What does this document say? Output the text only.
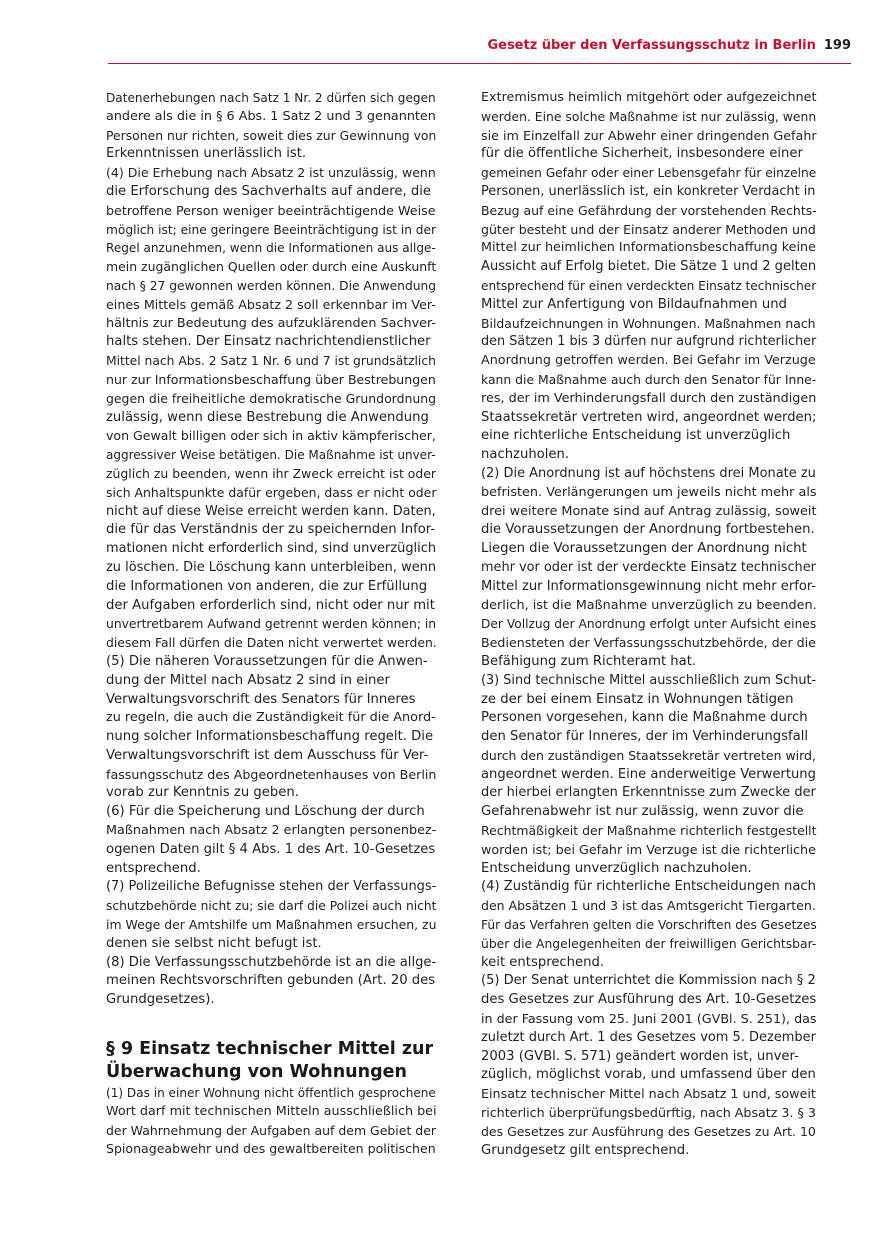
Gesetz über den Verfassungsschutz in Berlin 199
Datenerhebungen nach Satz 1 Nr. 2 dürfen sich gegen
andere als die in § 6 Abs. 1 Satz 2 und 3 genannten
Personen nur richten, soweit dies zur Gewinnung von
Erkenntnissen unerlässlich ist.
(4) Die Erhebung nach Absatz 2 ist unzulässig, wenn
die Erforschung des Sachverhalts auf andere, die
betroffene Person weniger beeinträchtigende Weise
möglich ist; eine geringere Beeinträchtigung ist in der
Regel anzunehmen, wenn die Informationen aus allge-
mein zugänglichen Quellen oder durch eine Auskunft
nach § 27 gewonnen werden können. Die Anwendung
eines Mittels gemäß Absatz 2 soll erkennbar im Ver-
hältnis zur Bedeutung des aufzuklärenden Sachver-
halts stehen. Der Einsatz nachrichtendienstlicher
Mittel nach Abs. 2 Satz 1 Nr. 6 und 7 ist grundsätzlich
nur zur Informationsbeschaffung über Bestrebungen
gegen die freiheitliche demokratische Grundordnung
zulässig, wenn diese Bestrebung die Anwendung
von Gewalt billigen oder sich in aktiv kämpferischer,
aggressiver Weise betätigen. Die Maßnahme ist unver-
züglich zu beenden, wenn ihr Zweck erreicht ist oder
sich Anhaltspunkte dafür ergeben, dass er nicht oder
nicht auf diese Weise erreicht werden kann. Daten,
die für das Verständnis der zu speichernden Infor-
mationen nicht erforderlich sind, sind unverzüglich
zu löschen. Die Löschung kann unterbleiben, wenn
die Informationen von anderen, die zur Erfüllung
der Aufgaben erforderlich sind, nicht oder nur mit
unvertretbarem Aufwand getrennt werden können; in
diesem Fall dürfen die Daten nicht verwertet werden.
(5) Die näheren Voraussetzungen für die Anwen-
dung der Mittel nach Absatz 2 sind in einer
Verwaltungsvorschrift des Senators für Inneres
zu regeln, die auch die Zuständigkeit für die Anord-
nung solcher Informationsbeschaffung regelt. Die
Verwaltungsvorschrift ist dem Ausschuss für Ver-
fassungsschutz des Abgeordnetenhauses von Berlin
vorab zur Kenntnis zu geben.
(6) Für die Speicherung und Löschung der durch
Maßnahmen nach Absatz 2 erlangten personenbez-
ogenen Daten gilt § 4 Abs. 1 des Art. 10-Gesetzes
entsprechend.
(7) Polizeiliche Befugnisse stehen der Verfassungs-
schutzbehörde nicht zu; sie darf die Polizei auch nicht
im Wege der Amtshilfe um Maßnahmen ersuchen, zu
denen sie selbst nicht befugt ist.
(8) Die Verfassungsschutzbehörde ist an die allge-
meinen Rechtsvorschriften gebunden (Art. 20 des
Grundgesetzes).
§ 9 Einsatz technischer Mittel zur
Überwachung von Wohnungen
(1) Das in einer Wohnung nicht öffentlich gesprochene
Wort darf mit technischen Mitteln ausschließlich bei
der Wahrnehmung der Aufgaben auf dem Gebiet der
Spionageabwehr und des gewaltbereiten politischen
Extremismus heimlich mitgehört oder aufgezeichnet
werden. Eine solche Maßnahme ist nur zulässig, wenn
sie im Einzelfall zur Abwehr einer dringenden Gefahr
für die öffentliche Sicherheit, insbesondere einer
gemeinen Gefahr oder einer Lebensgefahr für einzelne
Personen, unerlässlich ist, ein konkreter Verdacht in
Bezug auf eine Gefährdung der vorstehenden Rechts-
güter besteht und der Einsatz anderer Methoden und
Mittel zur heimlichen Informationsbeschaffung keine
Aussicht auf Erfolg bietet. Die Sätze 1 und 2 gelten
entsprechend für einen verdeckten Einsatz technischer
Mittel zur Anfertigung von Bildaufnahmen und
Bildaufzeichnungen in Wohnungen. Maßnahmen nach
den Sätzen 1 bis 3 dürfen nur aufgrund richterlicher
Anordnung getroffen werden. Bei Gefahr im Verzuge
kann die Maßnahme auch durch den Senator für Inne-
res, der im Verhinderungsfall durch den zuständigen
Staatssekretär vertreten wird, angeordnet werden;
eine richterliche Entscheidung ist unverzüglich
nachzuholen.
(2) Die Anordnung ist auf höchstens drei Monate zu
befristen. Verlängerungen um jeweils nicht mehr als
drei weitere Monate sind auf Antrag zulässig, soweit
die Voraussetzungen der Anordnung fortbestehen.
Liegen die Voraussetzungen der Anordnung nicht
mehr vor oder ist der verdeckte Einsatz technischer
Mittel zur Informationsgewinnung nicht mehr erfor-
derlich, ist die Maßnahme unverzüglich zu beenden.
Der Vollzug der Anordnung erfolgt unter Aufsicht eines
Bediensteten der Verfassungsschutzbehörde, der die
Befähigung zum Richteramt hat.
(3) Sind technische Mittel ausschließlich zum Schut-
ze der bei einem Einsatz in Wohnungen tätigen
Personen vorgesehen, kann die Maßnahme durch
den Senator für Inneres, der im Verhinderungsfall
durch den zuständigen Staatssekretär vertreten wird,
angeordnet werden. Eine anderweitige Verwertung
der hierbei erlangten Erkenntnisse zum Zwecke der
Gefahrenabwehr ist nur zulässig, wenn zuvor die
Rechtmäßigkeit der Maßnahme richterlich festgestellt
worden ist; bei Gefahr im Verzuge ist die richterliche
Entscheidung unverzüglich nachzuholen.
(4) Zuständig für richterliche Entscheidungen nach
den Absätzen 1 und 3 ist das Amtsgericht Tiergarten.
Für das Verfahren gelten die Vorschriften des Gesetzes
über die Angelegenheiten der freiwilligen Gerichtsbar-
keit entsprechend.
(5) Der Senat unterrichtet die Kommission nach § 2
des Gesetzes zur Ausführung des Art. 10-Gesetzes
in der Fassung vom 25. Juni 2001 (GVBl. S. 251), das
zuletzt durch Art. 1 des Gesetzes vom 5. Dezember
2003 (GVBl. S. 571) geändert worden ist, unver-
züglich, möglichst vorab, und umfassend über den
Einsatz technischer Mittel nach Absatz 1 und, soweit
richterlich überprüfungsbedürftig, nach Absatz 3. § 3
des Gesetzes zur Ausführung des Gesetzes zu Art. 10
Grundgesetz gilt entsprechend.
